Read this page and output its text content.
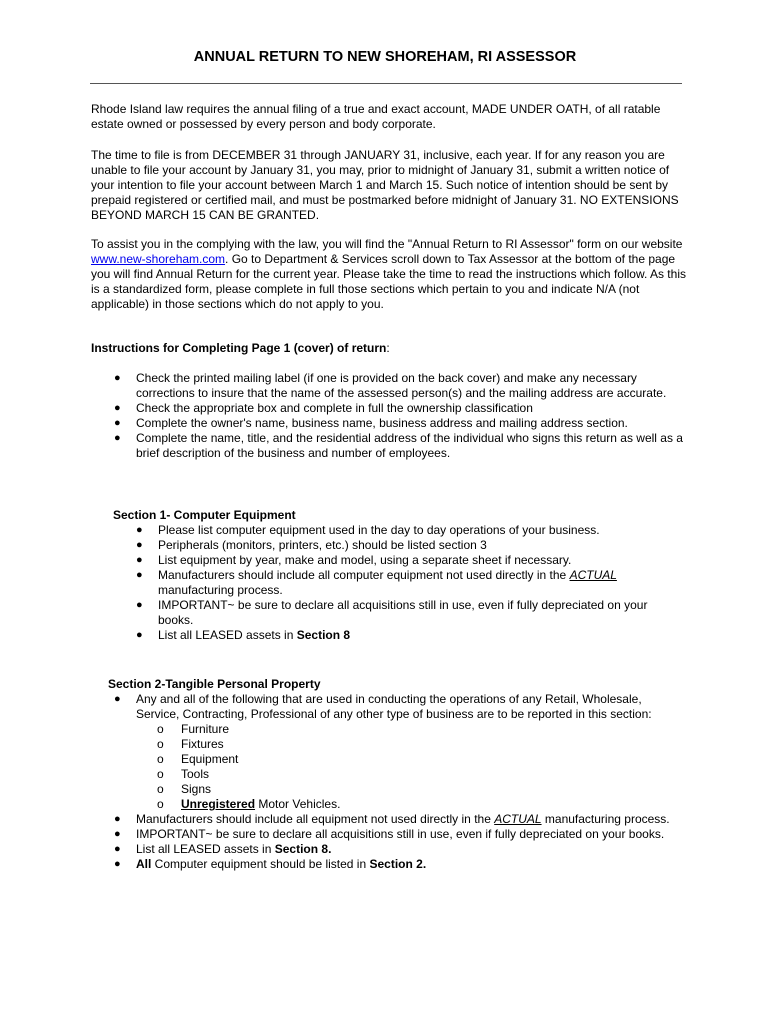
ANNUAL RETURN TO NEW SHOREHAM, RI ASSESSOR

Rhode Island law requires the annual filing of a true and exact account, MADE UNDER OATH, of all ratable estate owned or possessed by every person and body corporate.

The time to file is from DECEMBER 31 through JANUARY 31, inclusive, each year. If for any reason you are unable to file your account by January 31, you may, prior to midnight of January 31, submit a written notice of your intention to file your account between March 1 and March 15. Such notice of intention should be sent by prepaid registered or certified mail, and must be postmarked before midnight of January 31. NO EXTENSIONS BEYOND MARCH 15 CAN BE GRANTED.

To assist you in the complying with the law, you will find the "Annual Return to RI Assessor" form on our website www.new-shoreham.com. Go to Department & Services scroll down to Tax Assessor at the bottom of the page you will find Annual Return for the current year. Please take the time to read the instructions which follow. As this is a standardized form, please complete in full those sections which pertain to you and indicate N/A (not applicable) in those sections which do not apply to you.

Instructions for Completing Page 1 (cover) of return:

● Check the printed mailing label (if one is provided on the back cover) and make any necessary corrections to insure that the name of the assessed person(s) and the mailing address are accurate.
● Check the appropriate box and complete in full the ownership classification
● Complete the owner's name, business name, business address and mailing address section.
● Complete the name, title, and the residential address of the individual who signs this return as well as a brief description of the business and number of employees.

Section 1- Computer Equipment

● Please list computer equipment used in the day to day operations of your business.
● Peripherals (monitors, printers, etc.) should be listed section 3
● List equipment by year, make and model, using a separate sheet if necessary.
● Manufacturers should include all computer equipment not used directly in the ACTUAL manufacturing process.
● IMPORTANT~ be sure to declare all acquisitions still in use, even if fully depreciated on your books.
● List all LEASED assets in Section 8

Section 2-Tangible Personal Property

● Any and all of the following that are used in conducting the operations of any Retail, Wholesale, Service, Contracting, Professional of any other type of business are to be reported in this section:
o Furniture
o Fixtures
o Equipment
o Tools
o Signs
o Unregistered Motor Vehicles.
● Manufacturers should include all equipment not used directly in the ACTUAL manufacturing process.
● IMPORTANT~ be sure to declare all acquisitions still in use, even if fully depreciated on your books.
● List all LEASED assets in Section 8.
● All Computer equipment should be listed in Section 2.
